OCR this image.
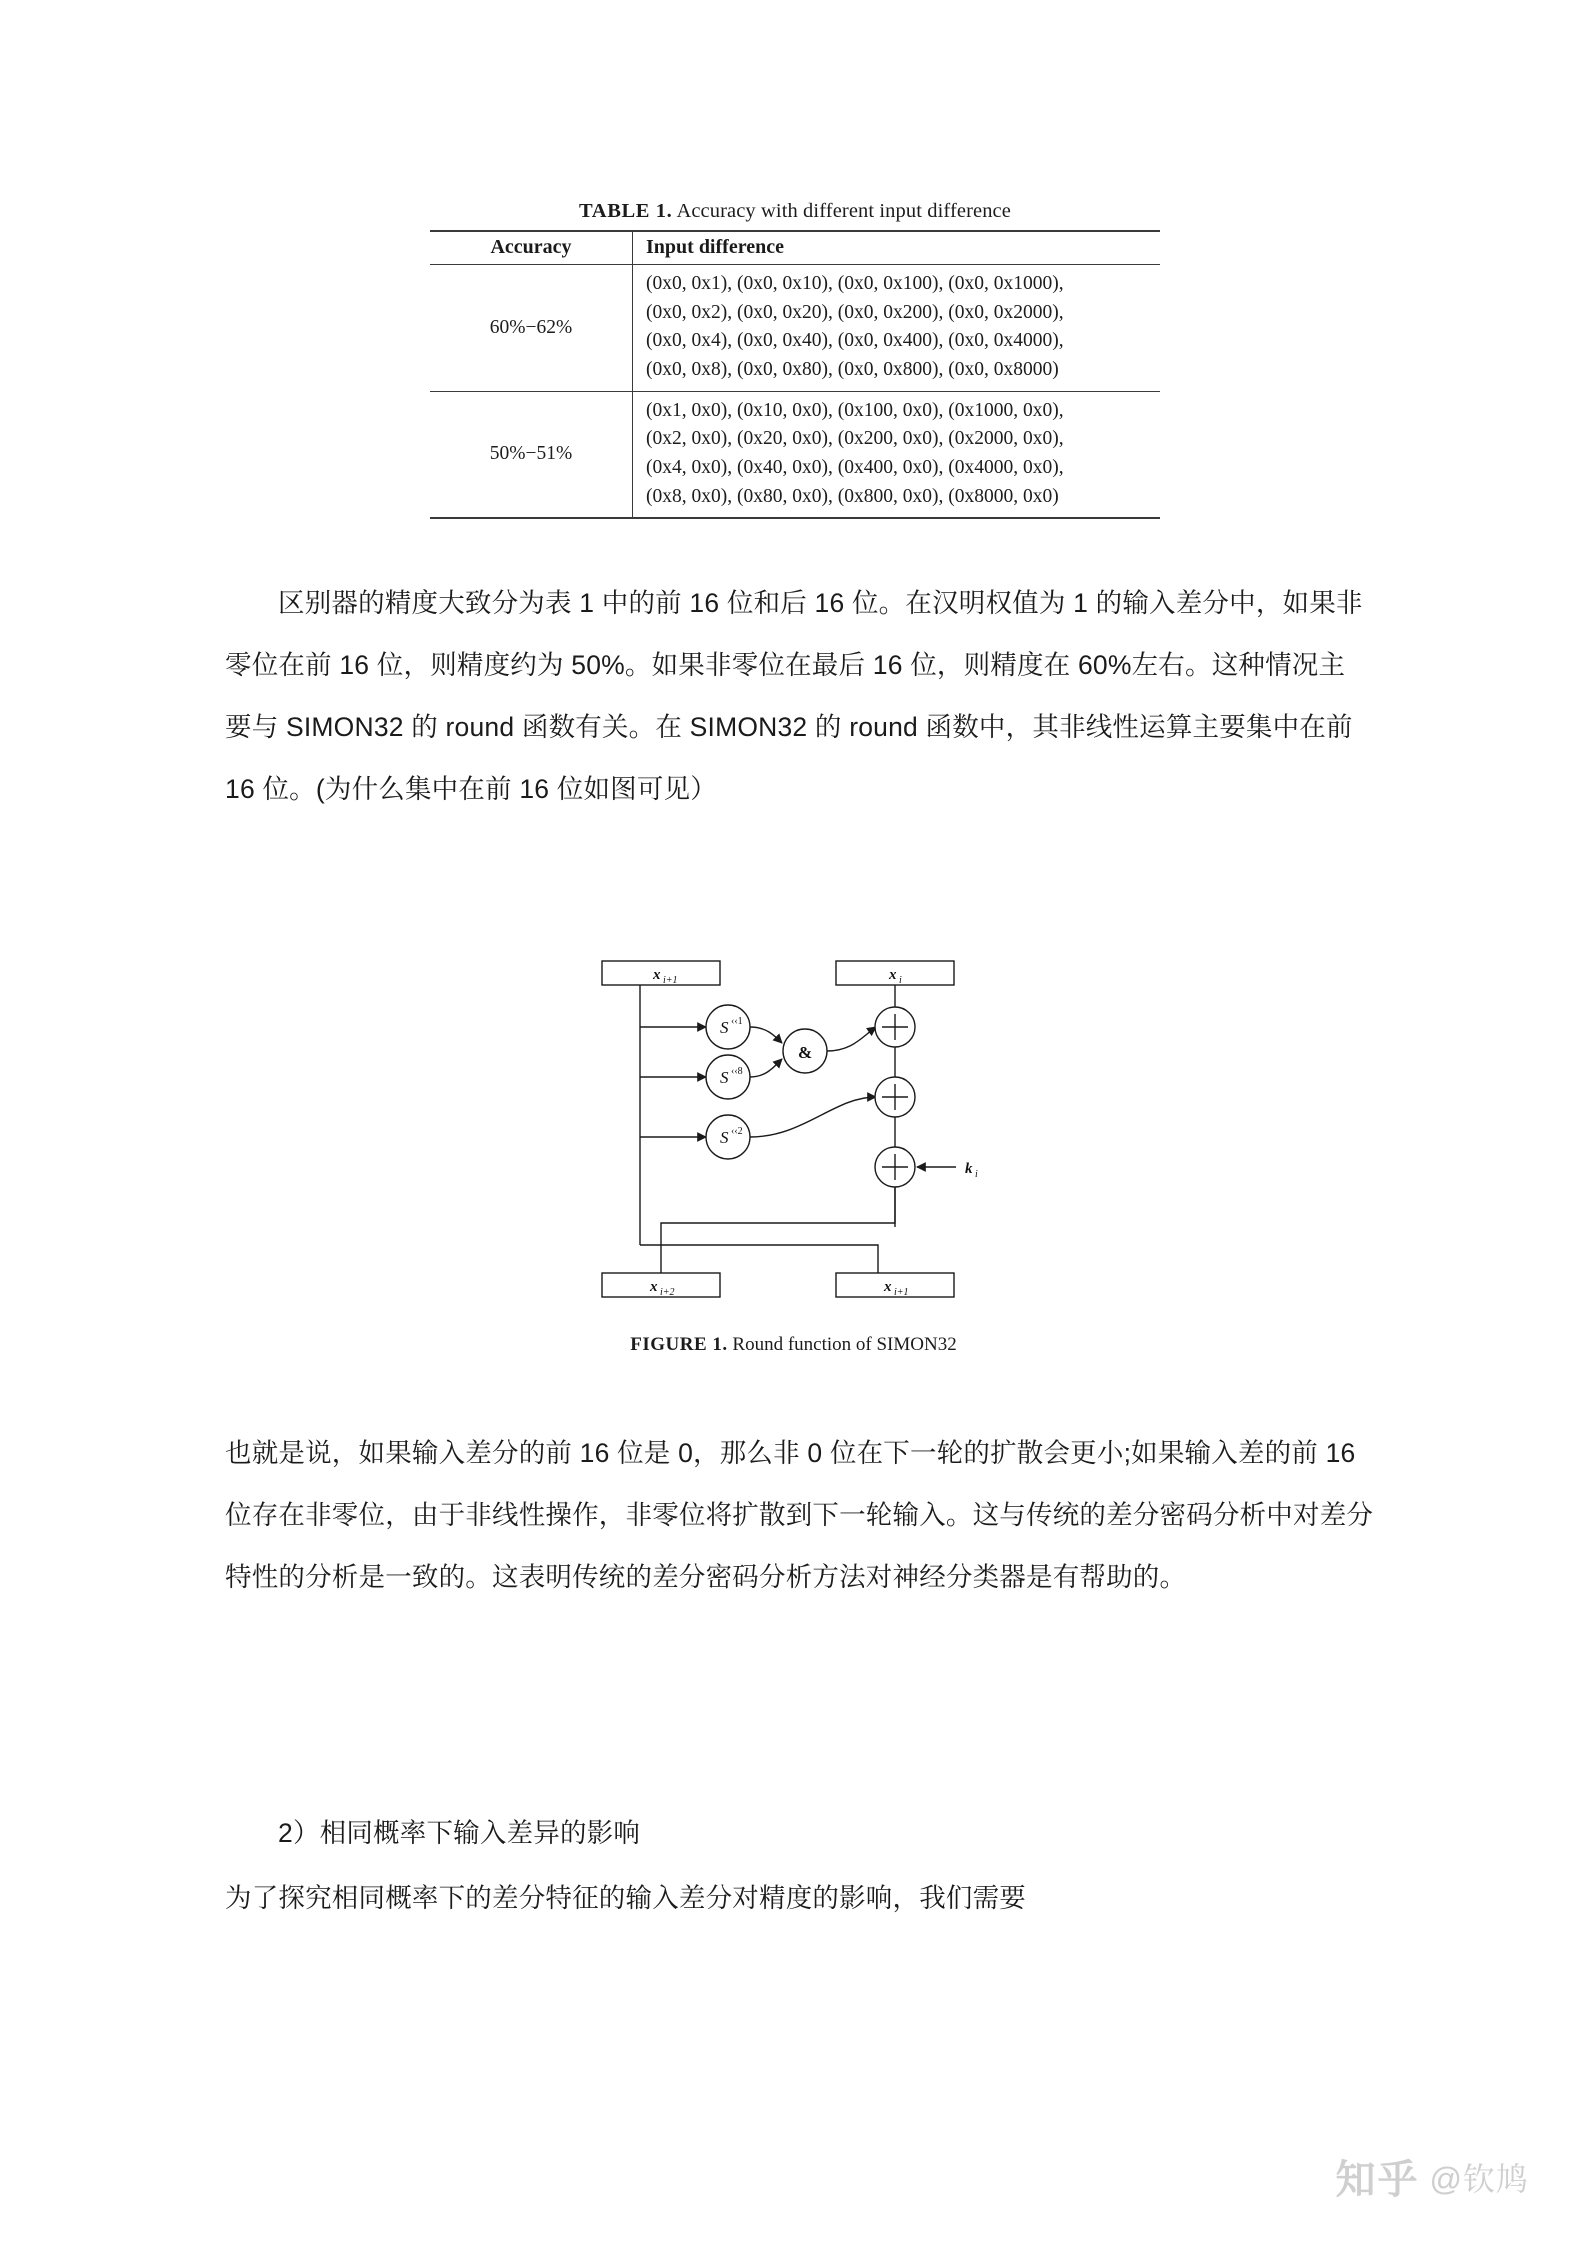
TABLE 1. Accuracy with different input difference
Accuracy	Input difference
60%−62%	(0x0, 0x1), (0x0, 0x10), (0x0, 0x100), (0x0, 0x1000),
(0x0, 0x2), (0x0, 0x20), (0x0, 0x200), (0x0, 0x2000),
(0x0, 0x4), (0x0, 0x40), (0x0, 0x400), (0x0, 0x4000),
(0x0, 0x8), (0x0, 0x80), (0x0, 0x800), (0x0, 0x8000)

50%−51%	(0x1, 0x0), (0x10, 0x0), (0x100, 0x0), (0x1000, 0x0),
(0x2, 0x0), (0x20, 0x0), (0x200, 0x0), (0x2000, 0x0),
(0x4, 0x0), (0x40, 0x0), (0x400, 0x0), (0x4000, 0x0),
(0x8, 0x0), (0x80, 0x0), (0x800, 0x0), (0x8000, 0x0)

区别器的精度大致分为表 1 中的前 16 位和后 16 位。在汉明权值为 1 的输入差分中，如果非零位在前 16 位，则精度约为 50%。如果非零位在最后 16 位，则精度在 60%左右。这种情况主要与 SIMON32 的 round 函数有关。在 SIMON32 的 round 函数中，其非线性运算主要集中在前 16 位。(为什么集中在前 16 位如图可见）

x i+1	x i
x i+2	x i+1
S ‹‹1
S ‹‹8
S ‹‹2
&
k i
FIGURE 1. Round function of SIMON32

也就是说，如果输入差分的前 16 位是 0，那么非 0 位在下一轮的扩散会更小;如果输入差的前 16 位存在非零位，由于非线性操作，非零位将扩散到下一轮输入。这与传统的差分密码分析中对差分特性的分析是一致的。这表明传统的差分密码分析方法对神经分类器是有帮助的。

2）相同概率下输入差异的影响

为了探究相同概率下的差分特征的输入差分对精度的影响，我们需要

知乎 @钦鸠
